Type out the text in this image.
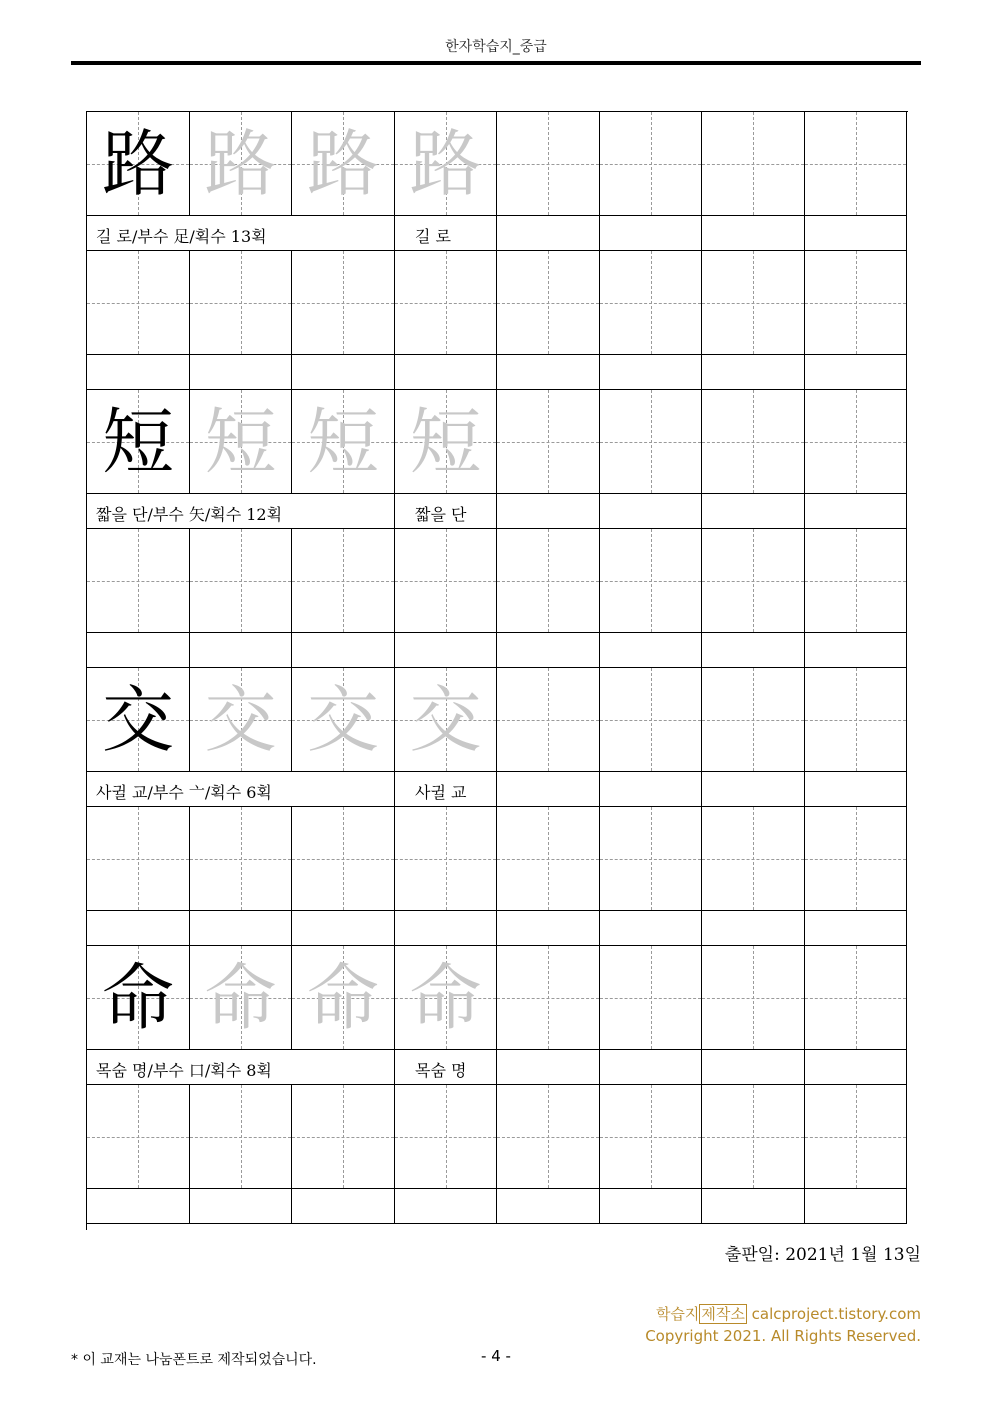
한자학습지_중급
路 路 路 路
길 로/부수 足/획수 13획	길 로
短 短 短 短
짧을 단/부수 矢/획수 12획	짧을 단
交 交 交 交
사귈 교/부수 亠/획수 6획	사귈 교
命 命 命 命
목숨 명/부수 口/획수 8획	목숨 명
출판일: 2021년 1월 13일
학습지 제작소 calcproject.tistory.com
Copyright 2021. All Rights Reserved.
* 이 교재는 나눔폰트로 제작되었습니다.	- 4 -
